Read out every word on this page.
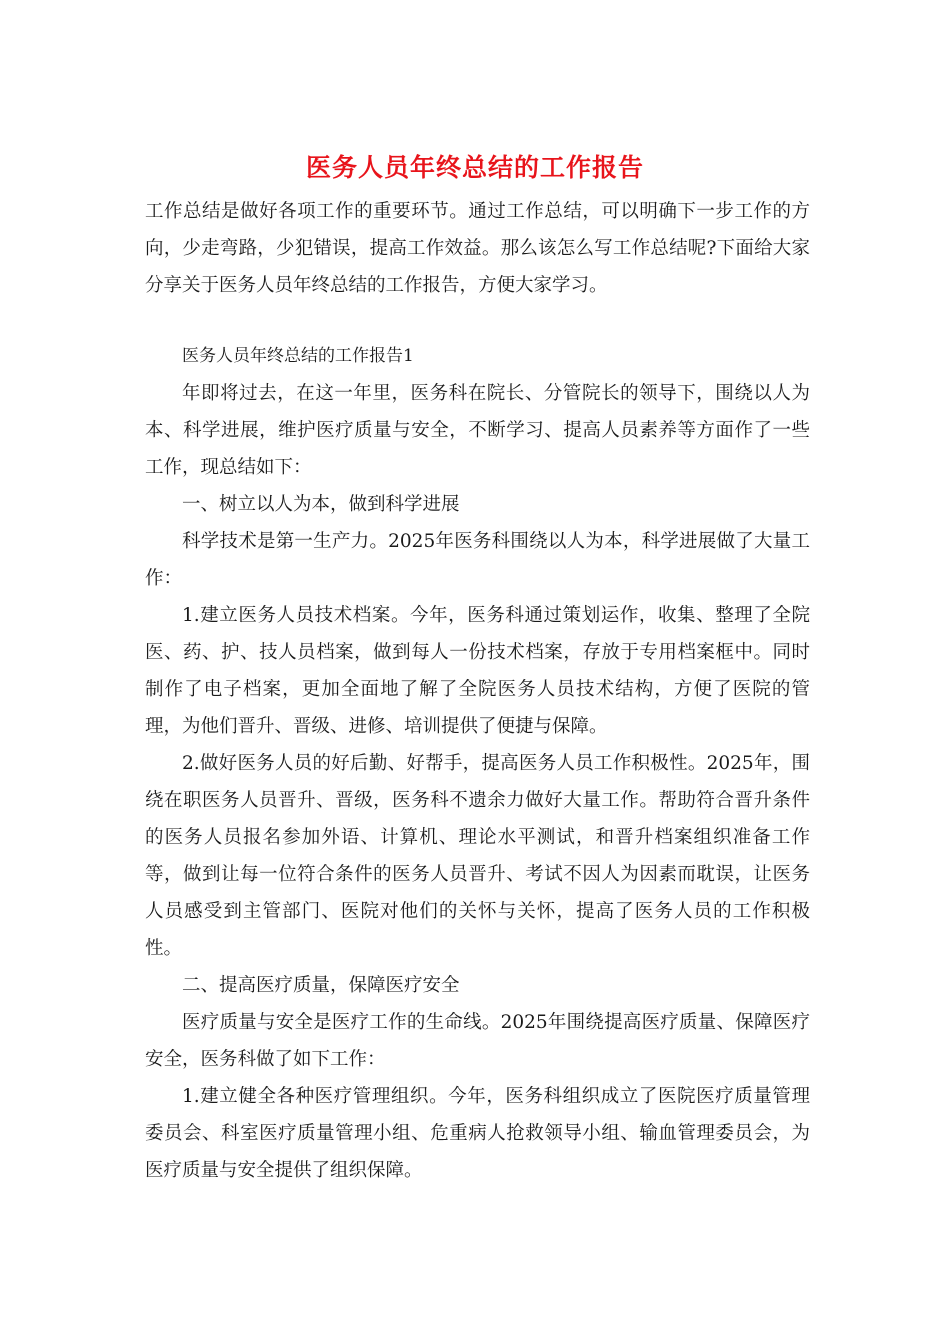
医务人员年终总结的工作报告

工作总结是做好各项工作的重要环节。通过工作总结，可以明确下一步工作的方向，少走弯路，少犯错误，提高工作效益。那么该怎么写工作总结呢?下面给大家分享关于医务人员年终总结的工作报告，方便大家学习。

医务人员年终总结的工作报告1

年即将过去，在这一年里，医务科在院长、分管院长的领导下，围绕以人为本、科学进展，维护医疗质量与安全，不断学习、提高人员素养等方面作了一些工作，现总结如下：

一、树立以人为本，做到科学进展

科学技术是第一生产力。2025年医务科围绕以人为本，科学进展做了大量工作：

1.建立医务人员技术档案。今年，医务科通过策划运作，收集、整理了全院医、药、护、技人员档案，做到每人一份技术档案，存放于专用档案框中。同时制作了电子档案，更加全面地了解了全院医务人员技术结构，方便了医院的管理，为他们晋升、晋级、进修、培训提供了便捷与保障。

2.做好医务人员的好后勤、好帮手，提高医务人员工作积极性。2025年，围绕在职医务人员晋升、晋级，医务科不遗余力做好大量工作。帮助符合晋升条件的医务人员报名参加外语、计算机、理论水平测试，和晋升档案组织准备工作等，做到让每一位符合条件的医务人员晋升、考试不因人为因素而耽误，让医务人员感受到主管部门、医院对他们的关怀与关怀，提高了医务人员的工作积极性。

二、提高医疗质量，保障医疗安全

医疗质量与安全是医疗工作的生命线。2025年围绕提高医疗质量、保障医疗安全，医务科做了如下工作：

1.建立健全各种医疗管理组织。今年，医务科组织成立了医院医疗质量管理委员会、科室医疗质量管理小组、危重病人抢救领导小组、输血管理委员会，为医疗质量与安全提供了组织保障。
